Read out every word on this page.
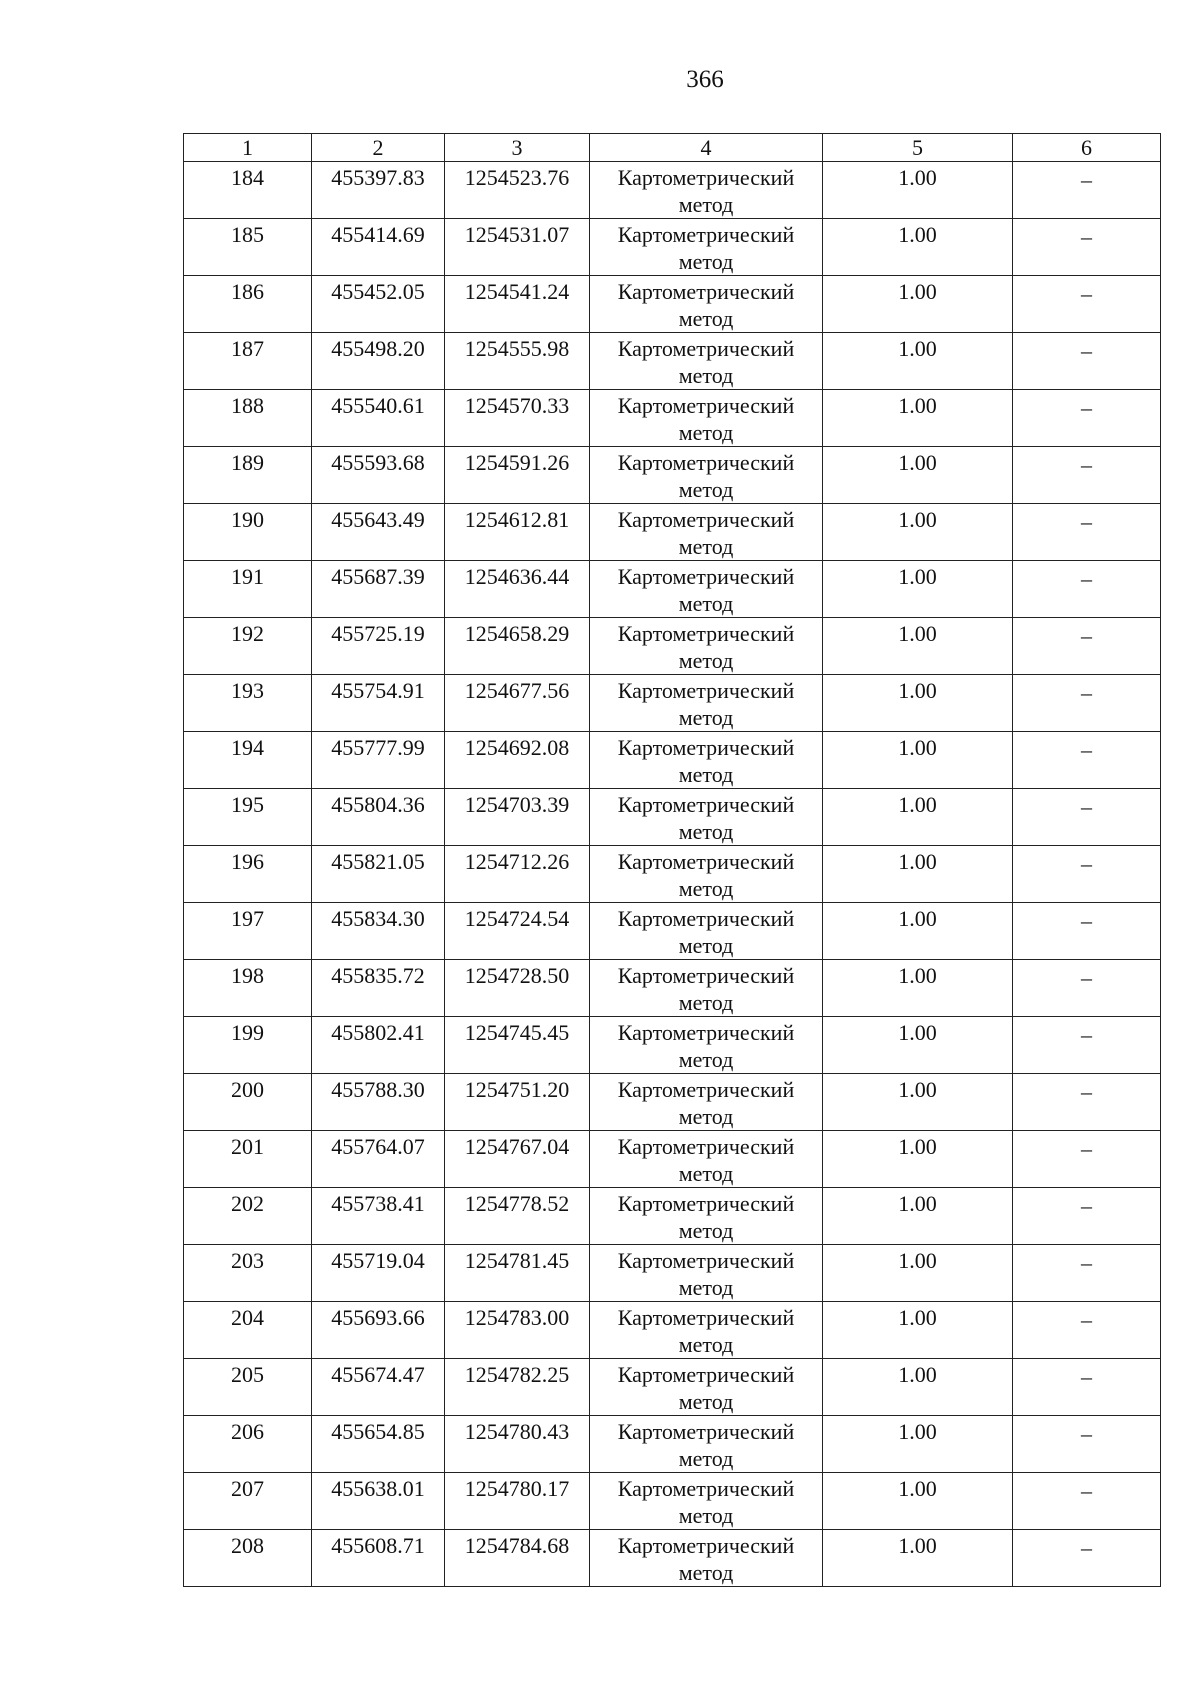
366
1	2	3	4	5	6

184	455397.83	1254523.76	Картометрический метод	1.00	–

185	455414.69	1254531.07	Картометрический метод	1.00	–

186	455452.05	1254541.24	Картометрический метод	1.00	–

187	455498.20	1254555.98	Картометрический метод	1.00	–

188	455540.61	1254570.33	Картометрический метод	1.00	–

189	455593.68	1254591.26	Картометрический метод	1.00	–

190	455643.49	1254612.81	Картометрический метод	1.00	–

191	455687.39	1254636.44	Картометрический метод	1.00	–

192	455725.19	1254658.29	Картометрический метод	1.00	–

193	455754.91	1254677.56	Картометрический метод	1.00	–

194	455777.99	1254692.08	Картометрический метод	1.00	–

195	455804.36	1254703.39	Картометрический метод	1.00	–

196	455821.05	1254712.26	Картометрический метод	1.00	–

197	455834.30	1254724.54	Картометрический метод	1.00	–

198	455835.72	1254728.50	Картометрический метод	1.00	–

199	455802.41	1254745.45	Картометрический метод	1.00	–

200	455788.30	1254751.20	Картометрический метод	1.00	–

201	455764.07	1254767.04	Картометрический метод	1.00	–

202	455738.41	1254778.52	Картометрический метод	1.00	–

203	455719.04	1254781.45	Картометрический метод	1.00	–

204	455693.66	1254783.00	Картометрический метод	1.00	–

205	455674.47	1254782.25	Картометрический метод	1.00	–

206	455654.85	1254780.43	Картометрический метод	1.00	–

207	455638.01	1254780.17	Картометрический метод	1.00	–

208	455608.71	1254784.68	Картометрический метод	1.00	–
